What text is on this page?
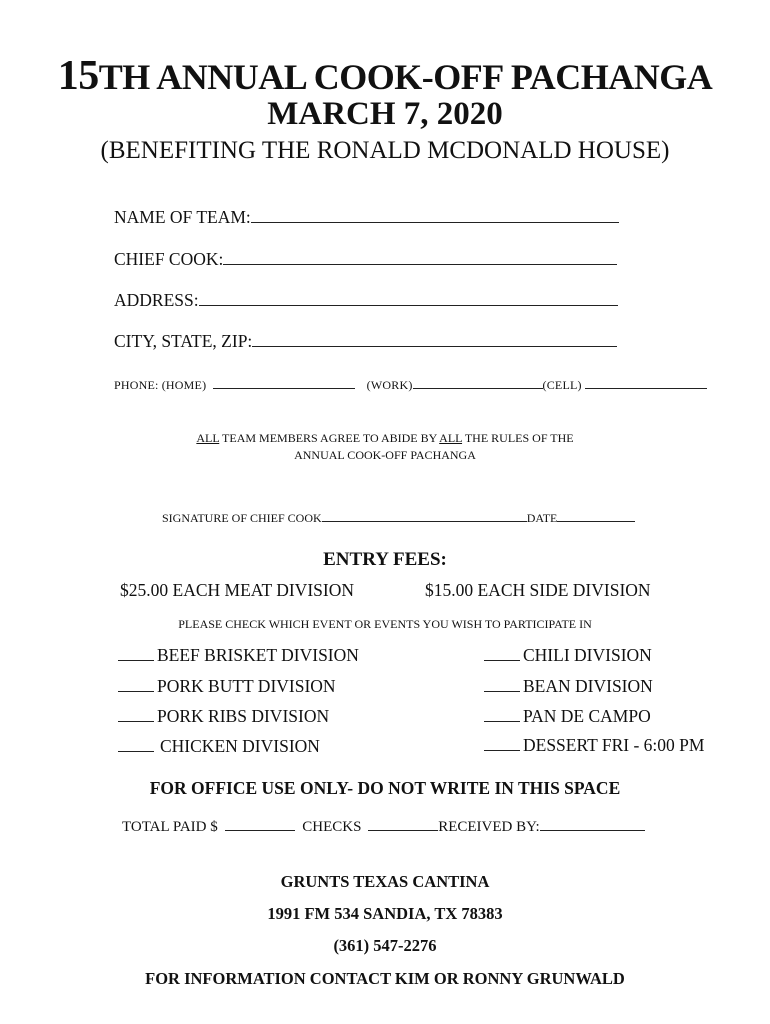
15TH ANNUAL COOK-OFF PACHANGA
MARCH 7, 2020
(BENEFITING THE RONALD MCDONALD HOUSE)
NAME OF TEAM:
CHIEF COOK:
ADDRESS:
CITY, STATE, ZIP:
PHONE: (HOME)	(WORK)	(CELL)
ALL TEAM MEMBERS AGREE TO ABIDE BY ALL THE RULES OF THE
ANNUAL COOK-OFF PACHANGA
SIGNATURE OF CHIEF COOK	DATE
ENTRY FEES:
$25.00 EACH MEAT DIVISION	$15.00 EACH SIDE DIVISION
PLEASE CHECK WHICH EVENT OR EVENTS YOU WISH TO PARTICIPATE IN
BEEF BRISKET DIVISION
PORK BUTT DIVISION
PORK RIBS DIVISION
CHICKEN DIVISION
CHILI DIVISION
BEAN DIVISION
PAN DE CAMPO
DESSERT FRI - 6:00 PM
FOR OFFICE USE ONLY- DO NOT WRITE IN THIS SPACE
TOTAL PAID $	CHECKS	RECEIVED BY:
GRUNTS TEXAS CANTINA
1991 FM 534 SANDIA, TX 78383
(361) 547-2276
FOR INFORMATION CONTACT KIM OR RONNY GRUNWALD
